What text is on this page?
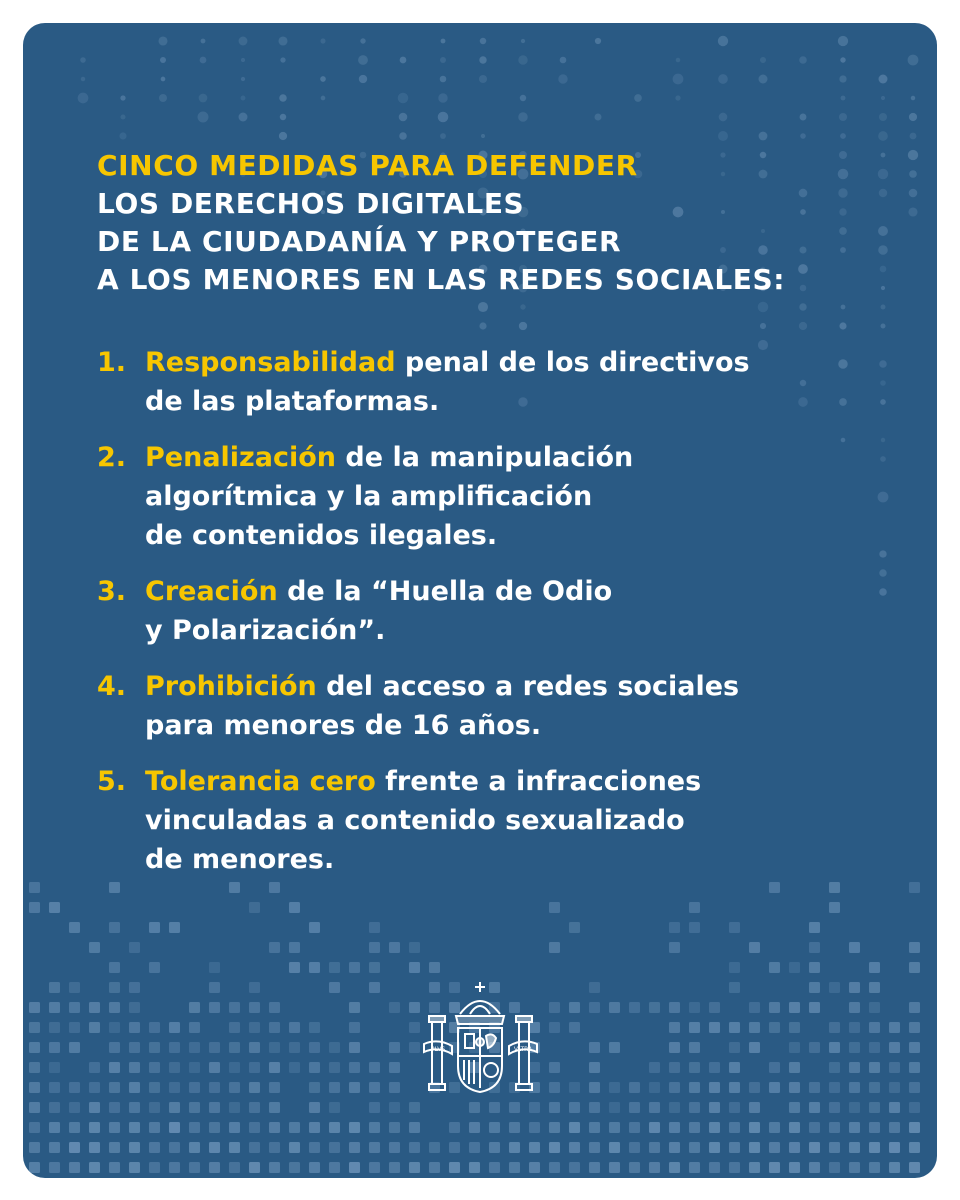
CINCO MEDIDAS PARA DEFENDER
LOS DERECHOS DIGITALES
DE LA CIUDADANÍA Y PROTEGER
A LOS MENORES EN LAS REDES SOCIALES:
1. Responsabilidad penal de los directivos
de las plataformas.
2. Penalización de la manipulación
algorítmica y la amplificación
de contenidos ilegales.
3. Creación de la “Huella de Odio
y Polarización”.
4. Prohibición del acceso a redes sociales
para menores de 16 años.
5. Tolerancia cero frente a infracciones
vinculadas a contenido sexualizado
de menores.
PLVS	VLTRA
